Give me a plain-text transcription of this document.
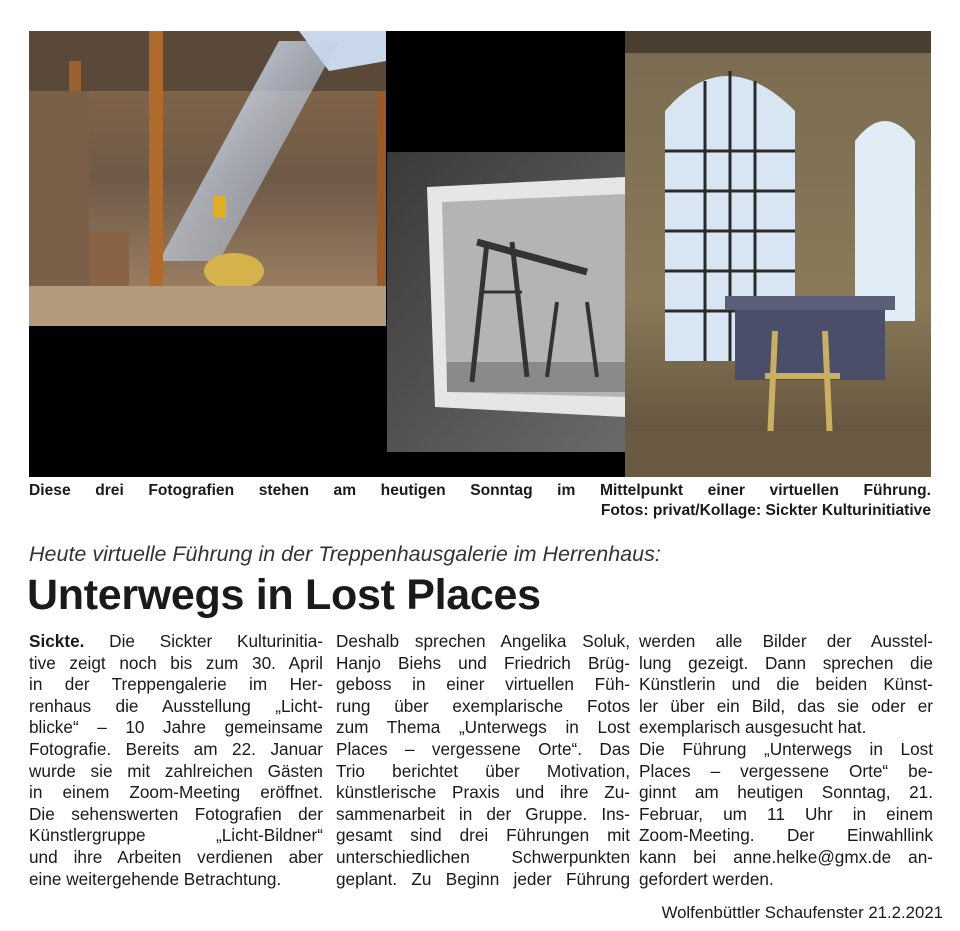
Diese drei Fotografien stehen am heutigen Sonntag im Mittelpunkt einer virtuellen Führung.
Fotos: privat/Kollage: Sickter Kulturinitiative
Heute virtuelle Führung in der Treppenhausgalerie im Herrenhaus:
Unterwegs in Lost Places
Sickte. Die Sickter Kulturinitia-
tive zeigt noch bis zum 30. April
in der Treppengalerie im Her-
renhaus die Ausstellung „Licht-
blicke“ – 10 Jahre gemeinsame
Fotografie. Bereits am 22. Januar
wurde sie mit zahlreichen Gästen
in einem Zoom-Meeting eröffnet.
Die sehenswerten Fotografien der
Künstlergruppe „Licht-Bildner“
und ihre Arbeiten verdienen aber
eine weitergehende Betrachtung.
Deshalb sprechen Angelika Soluk,
Hanjo Biehs und Friedrich Brüg-
geboss in einer virtuellen Füh-
rung über exemplarische Fotos
zum Thema „Unterwegs in Lost
Places – vergessene Orte“. Das
Trio berichtet über Motivation,
künstlerische Praxis und ihre Zu-
sammenarbeit in der Gruppe. Ins-
gesamt sind drei Führungen mit
unterschiedlichen Schwerpunkten
geplant. Zu Beginn jeder Führung
werden alle Bilder der Ausstel-
lung gezeigt. Dann sprechen die
Künstlerin und die beiden Künst-
ler über ein Bild, das sie oder er
exemplarisch ausgesucht hat.
Die Führung „Unterwegs in Lost
Places – vergessene Orte“ be-
ginnt am heutigen Sonntag, 21.
Februar, um 11 Uhr in einem
Zoom-Meeting. Der Einwahllink
kann bei anne.helke@gmx.de an-
gefordert werden.
Wolfenbüttler Schaufenster 21.2.2021
